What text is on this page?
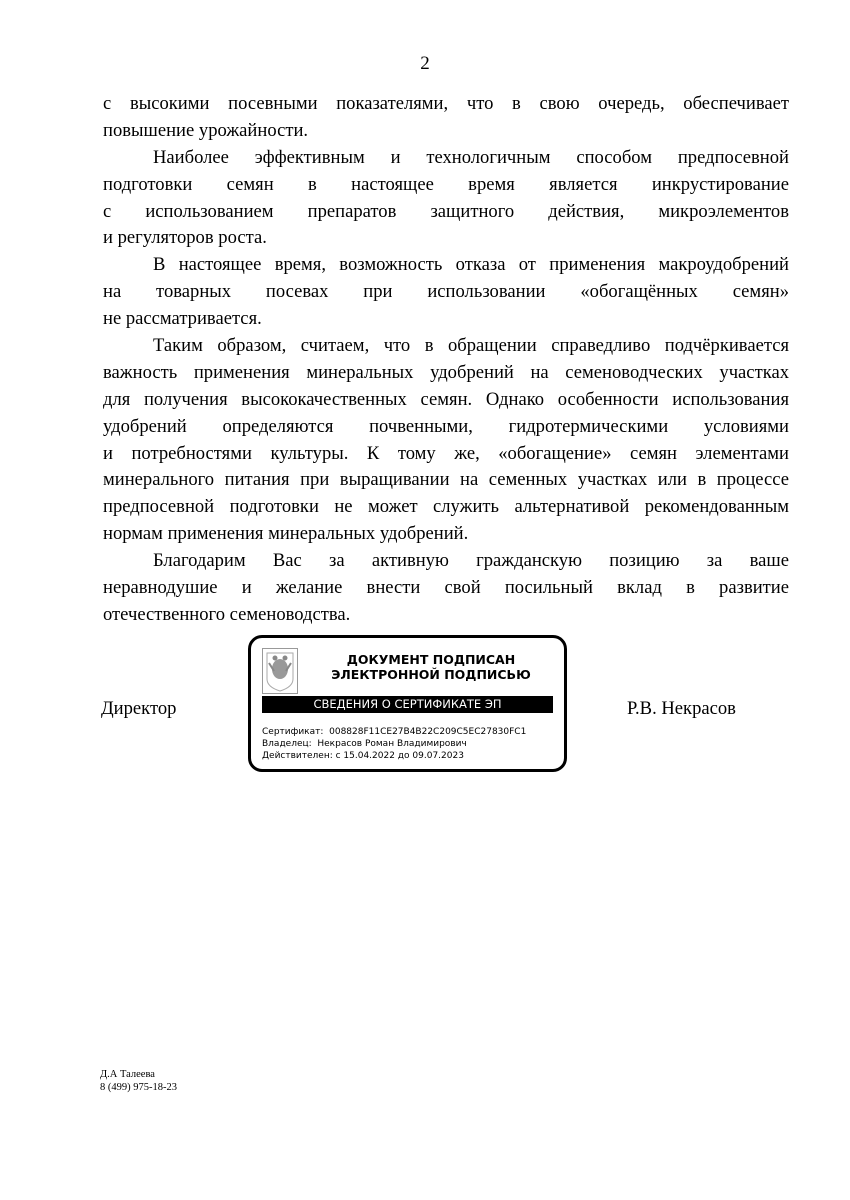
2
с высокими посевными показателями, что в свою очередь, обеспечивает
повышение урожайности.
Наиболее эффективным и технологичным способом предпосевной
подготовки семян в настоящее время является инкрустирование
с использованием препаратов защитного действия, микроэлементов
и регуляторов роста.
В настоящее время, возможность отказа от применения макроудобрений
на товарных посевах при использовании «обогащённых семян»
не рассматривается.
Таким образом, считаем, что в обращении справедливо подчёркивается
важность применения минеральных удобрений на семеноводческих участках
для получения высококачественных семян. Однако особенности использования
удобрений определяются почвенными, гидротермическими условиями
и потребностями культуры. К тому же, «обогащение» семян элементами
минерального питания при выращивании на семенных участках или в процессе
предпосевной подготовки не может служить альтернативой рекомендованным
нормам применения минеральных удобрений.
Благодарим Вас за активную гражданскую позицию за ваше
неравнодушие и желание внести свой посильный вклад в развитие
отечественного семеноводства.
Директор	Р.В. Некрасов
ДОКУМЕНТ ПОДПИСАН
ЭЛЕКТРОННОЙ ПОДПИСЬЮ
СВЕДЕНИЯ О СЕРТИФИКАТЕ ЭП
Сертификат:  008828F11CE27B4B22C209C5EC27830FC1
Владелец:  Некрасов Роман Владимирович
Действителен: с 15.04.2022 до 09.07.2023
Д.А Талеева
8 (499) 975-18-23
